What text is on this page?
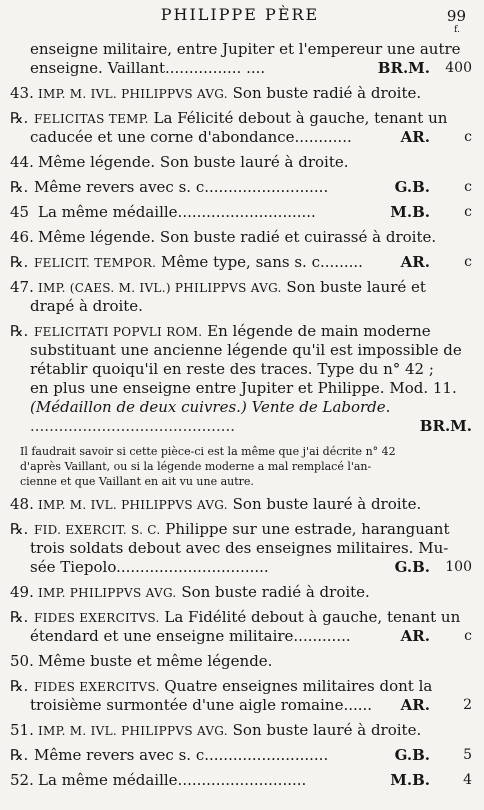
PHILIPPE PÈRE	99
f.
enseigne militaire, entre Jupiter et l'empereur une autre
enseigne. Vaillant................ ....	BR.M. 400
43. IMP. M. IVL. PHILIPPVS AVG. Son buste radié à droite.
℞. FELICITAS TEMP. La Félicité debout à gauche, tenant un
caducée et une corne d'abondance............	AR. c
44. Même légende. Son buste lauré à droite.
℞. Même revers avec s. c..........................	G.B. c
45 La même médaille.............................	M.B. c
46. Même légende. Son buste radié et cuirassé à droite.
℞. FELICIT. TEMPOR. Même type, sans s. c.........	AR. c
47. IMP. (CAES. M. IVL.) PHILIPPVS AVG. Son buste lauré et
drapé à droite.
℞. FELICITATI POPVLI ROM. En légende de main moderne
substituant une ancienne légende qu'il est impossible de
rétablir quoiqu'il en reste des traces. Type du n° 42 ;
en plus une enseigne entre Jupiter et Philippe. Mod. 11.
(Médaillon de deux cuivres.) Vente de Laborde.
...........................................	BR.M.
Il faudrait savoir si cette pièce-ci est la même que j'ai décrite n° 42
d'après Vaillant, ou si la légende moderne a mal remplacé l'an-
cienne et que Vaillant en ait vu une autre.
48. IMP. M. IVL. PHILIPPVS AVG. Son buste lauré à droite.
℞. FID. EXERCIT. S. C. Philippe sur une estrade, haranguant
trois soldats debout avec des enseignes militaires. Mu-
sée Tiepolo................................	G.B. 100
49. IMP. PHILIPPVS AVG. Son buste radié à droite.
℞. FIDES EXERCITVS. La Fidélité debout à gauche, tenant un
étendard et une enseigne militaire............	AR. c
50. Même buste et même légende.
℞. FIDES EXERCITVS. Quatre enseignes militaires dont la
troisième surmontée d'une aigle romaine...... AR. 2
51. IMP. M. IVL. PHILIPPVS AVG. Son buste lauré à droite.
℞. Même revers avec s. c..........................	G.B. 5
52. La même médaille...........................	M.B. 4
